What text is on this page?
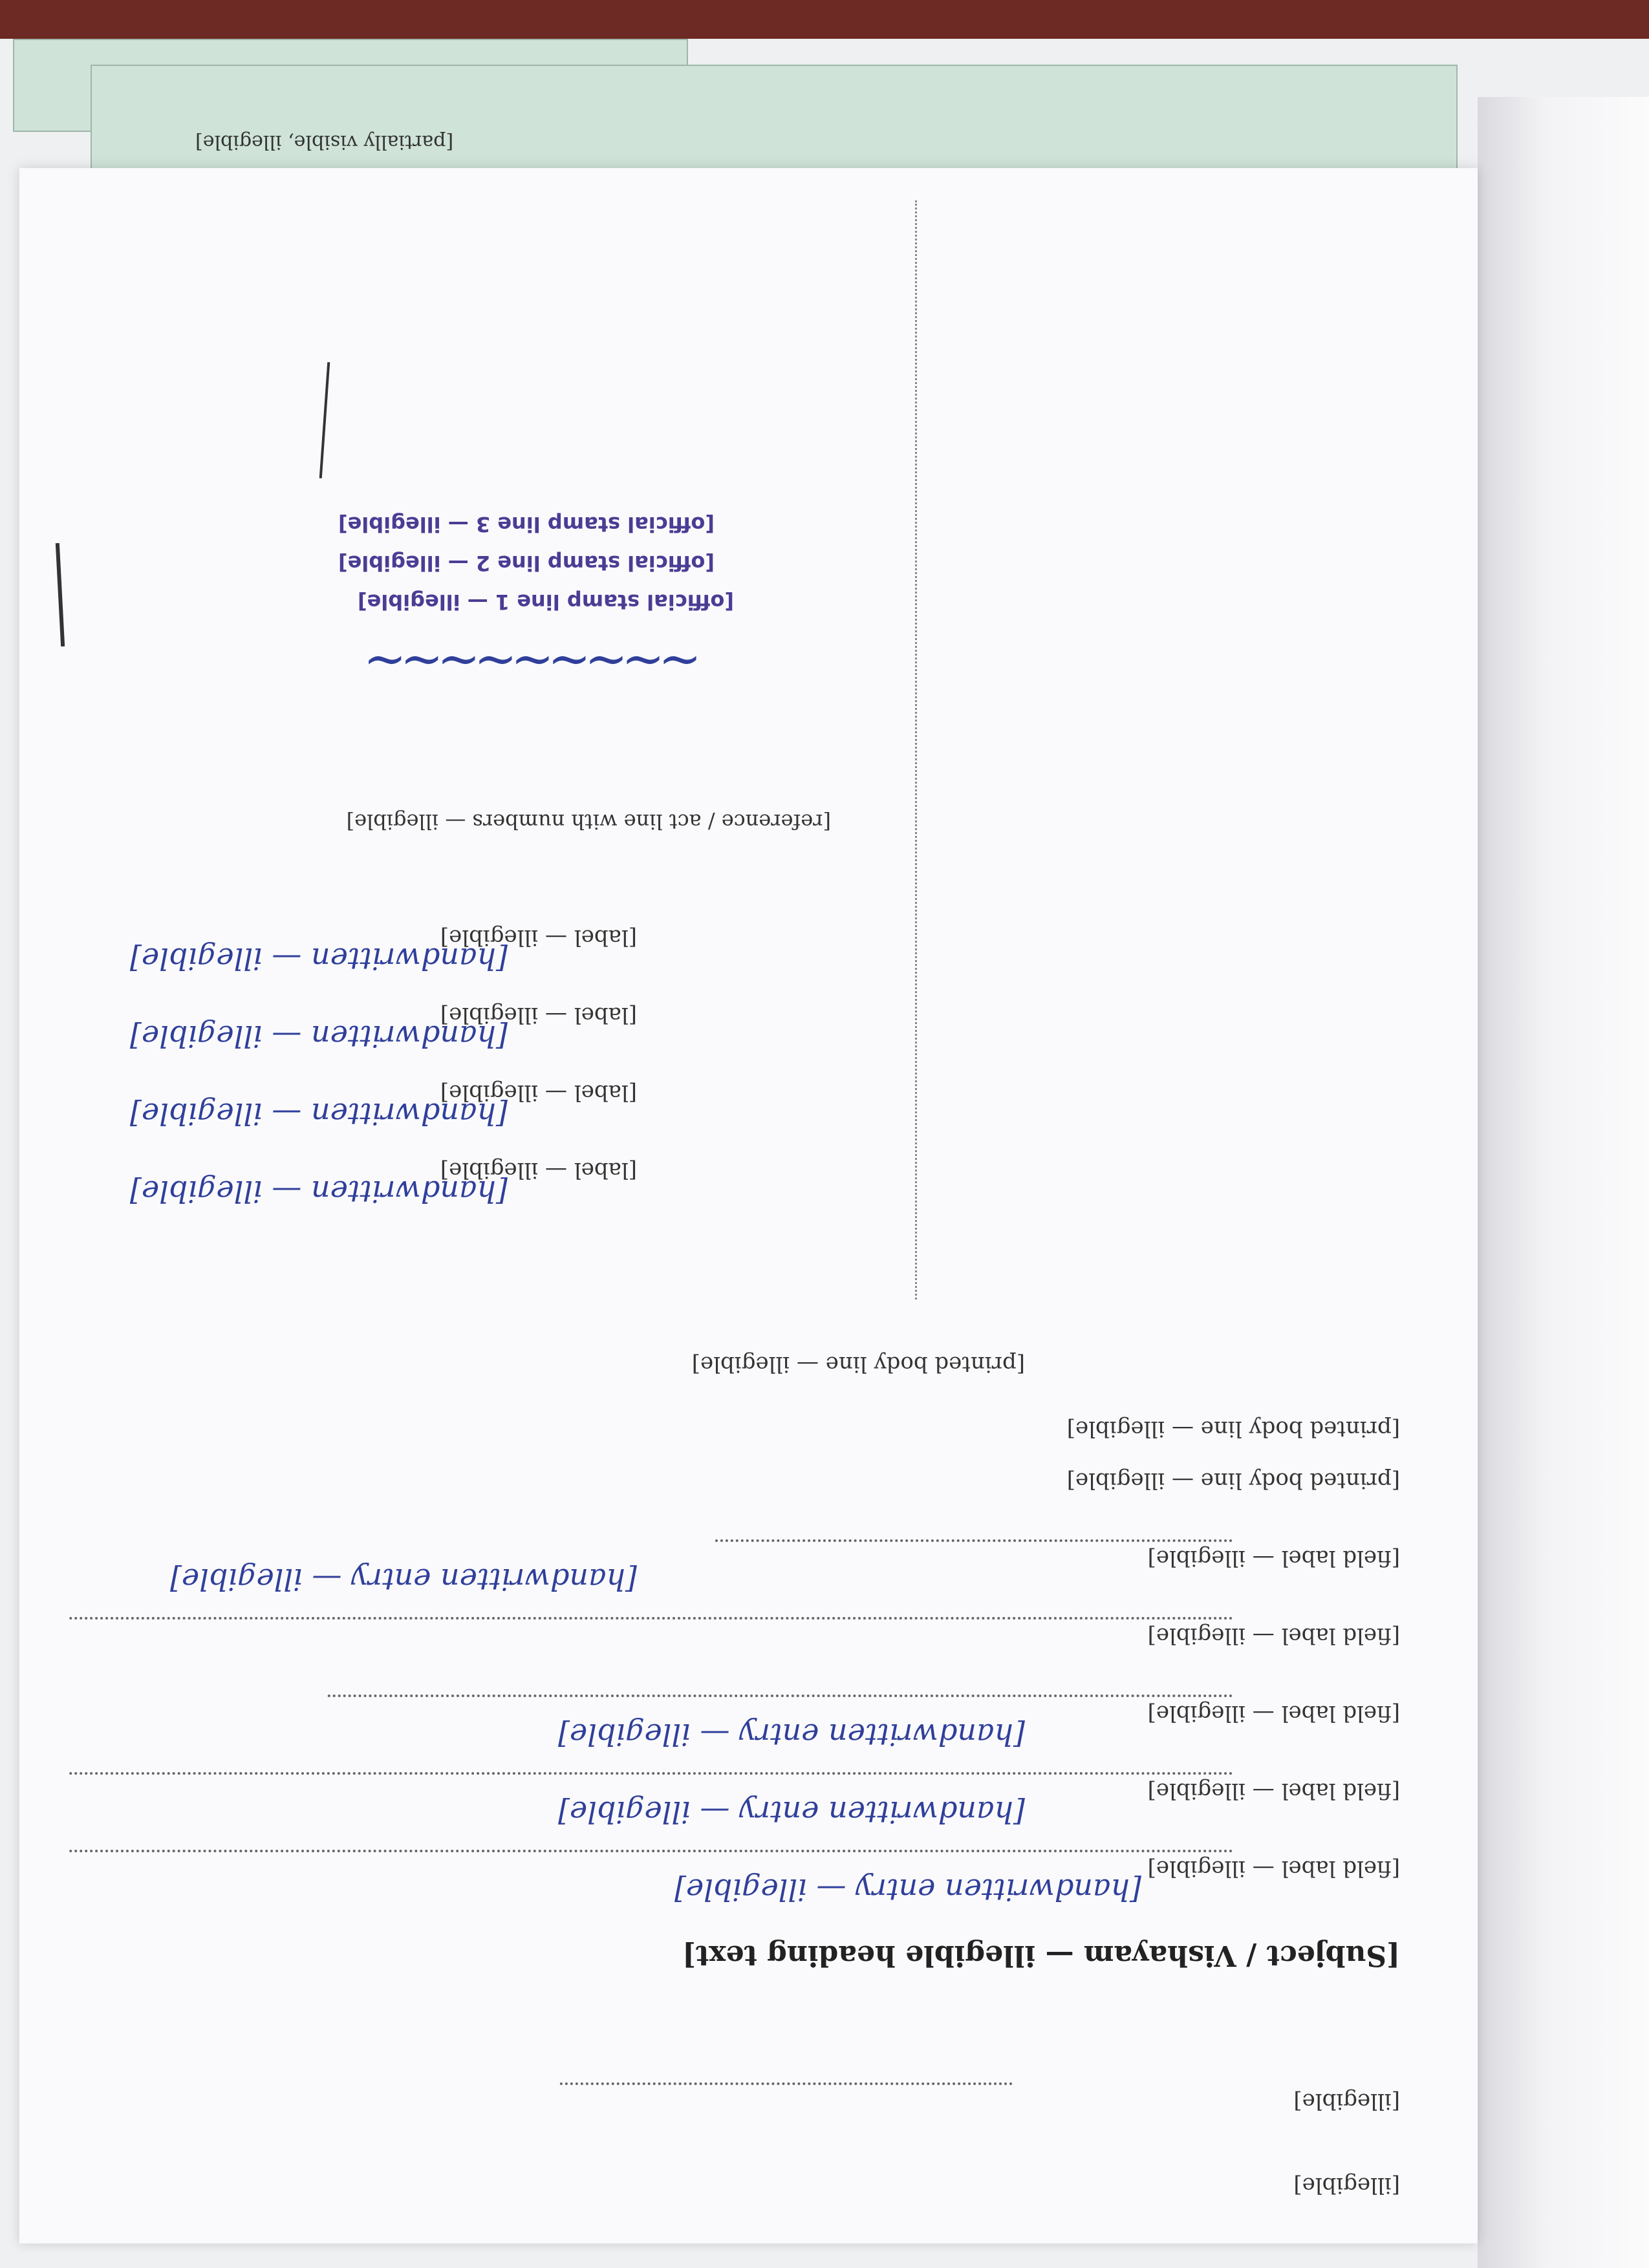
[partially visible, illegible]
[illegible]
[illegible]
[Subject / Vishayam — illegible heading text]
[field label — illegible]
[handwritten entry — illegible]
[field label — illegible]
[handwritten entry — illegible]
[field label — illegible]
[handwritten entry — illegible]
[field label — illegible]
[field label — illegible]
[handwritten entry — illegible]
[printed body line — illegible]
[printed body line — illegible]
[printed body line — illegible]
[label — illegible]
[handwritten — illegible]
[label — illegible]
[handwritten — illegible]
[label — illegible]
[handwritten — illegible]
[label — illegible]
[handwritten — illegible]
[reference / act line with numbers — illegible]
~~~~~~~~~
[official stamp line 1 — illegible]
[official stamp line 2 — illegible]
[official stamp line 3 — illegible]
